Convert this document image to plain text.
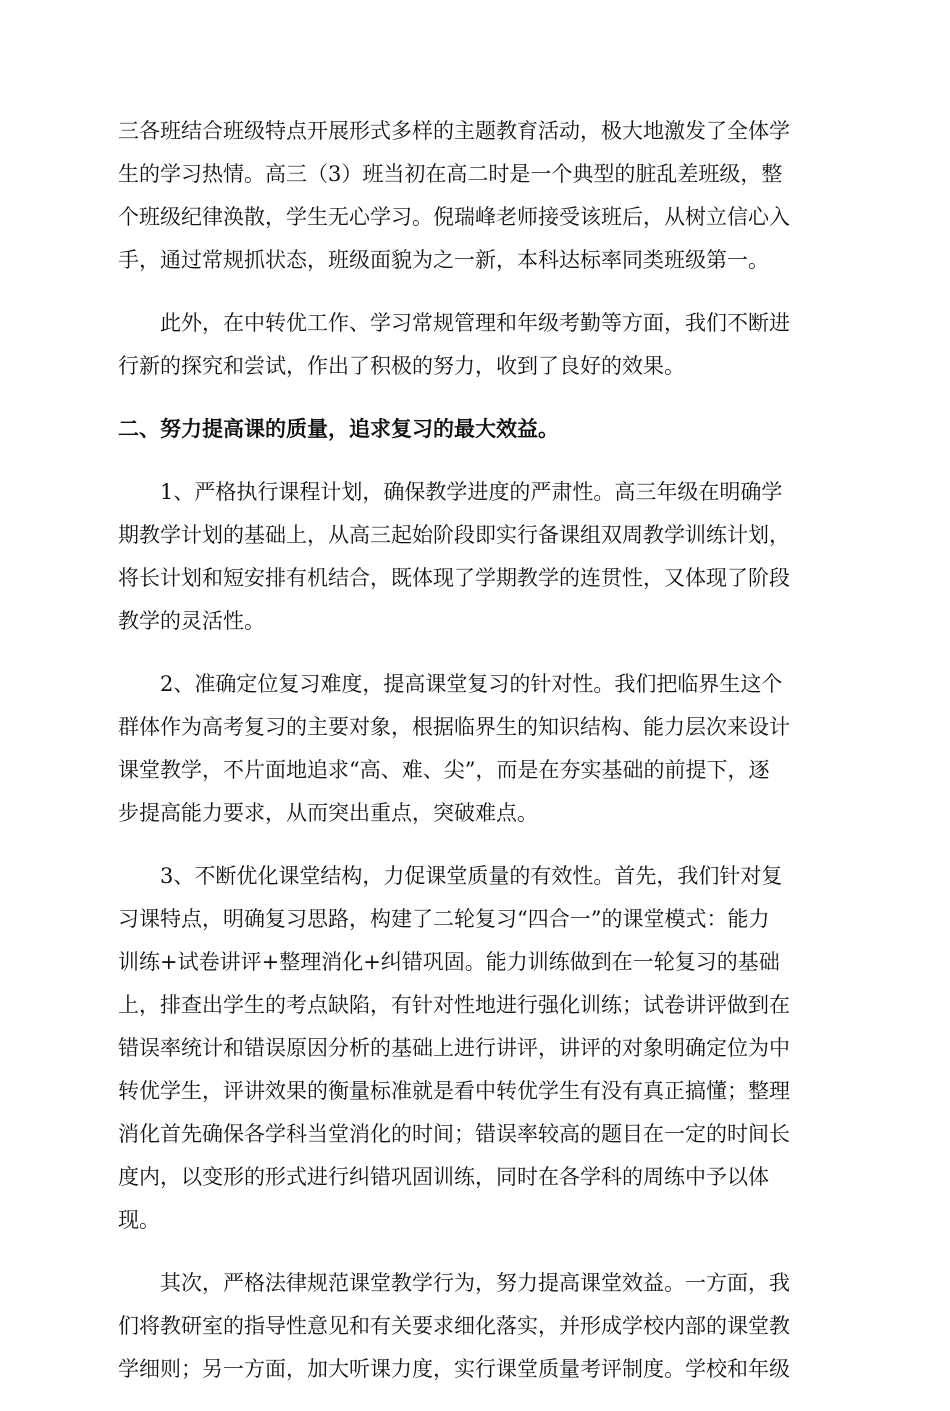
三各班结合班级特点开展形式多样的主题教育活动，极大地激发了全体学
生的学习热情。高三（3）班当初在高二时是一个典型的脏乱差班级，整
个班级纪律涣散，学生无心学习。倪瑞峰老师接受该班后，从树立信心入
手，通过常规抓状态，班级面貌为之一新，本科达标率同类班级第一。
此外，在中转优工作、学习常规管理和年级考勤等方面，我们不断进
行新的探究和尝试，作出了积极的努力，收到了良好的效果。
二、努力提高课的质量，追求复习的最大效益。
1、严格执行课程计划，确保教学进度的严肃性。高三年级在明确学
期教学计划的基础上，从高三起始阶段即实行备课组双周教学训练计划，
将长计划和短安排有机结合，既体现了学期教学的连贯性，又体现了阶段
教学的灵活性。
2、准确定位复习难度，提高课堂复习的针对性。我们把临界生这个
群体作为高考复习的主要对象，根据临界生的知识结构、能力层次来设计
课堂教学，不片面地追求“高、难、尖”，而是在夯实基础的前提下，逐
步提高能力要求，从而突出重点，突破难点。
3、不断优化课堂结构，力促课堂质量的有效性。首先，我们针对复
习课特点，明确复习思路，构建了二轮复习“四合一”的课堂模式：能力
训练+试卷讲评+整理消化+纠错巩固。能力训练做到在一轮复习的基础
上，排查出学生的考点缺陷，有针对性地进行强化训练；试卷讲评做到在
错误率统计和错误原因分析的基础上进行讲评，讲评的对象明确定位为中
转优学生，评讲效果的衡量标准就是看中转优学生有没有真正搞懂；整理
消化首先确保各学科当堂消化的时间；错误率较高的题目在一定的时间长
度内，以变形的形式进行纠错巩固训练，同时在各学科的周练中予以体
现。
其次，严格法律规范课堂教学行为，努力提高课堂效益。一方面，我
们将教研室的指导性意见和有关要求细化落实，并形成学校内部的课堂教
学细则；另一方面，加大听课力度，实行课堂质量考评制度。学校和年级
